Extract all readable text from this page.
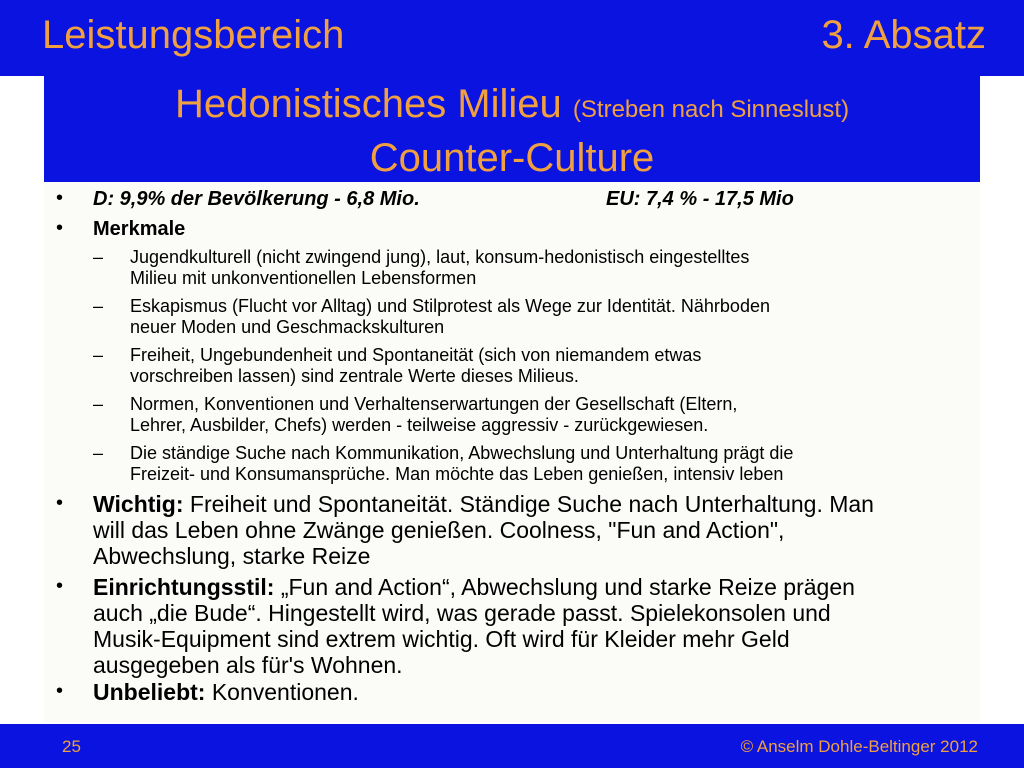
Leistungsbereich	3. Absatz
Hedonistisches Milieu (Streben nach Sinneslust)
Counter-Culture
• D: 9,9% der Bevölkerung - 6,8 Mio.	EU: 7,4 % - 17,5 Mio
• Merkmale
– Jugendkulturell (nicht zwingend jung), laut, konsum-hedonistisch eingestelltes
Milieu mit unkonventionellen Lebensformen
– Eskapismus (Flucht vor Alltag) und Stilprotest als Wege zur Identität. Nährboden
neuer Moden und Geschmackskulturen
– Freiheit, Ungebundenheit und Spontaneität (sich von niemandem etwas
vorschreiben lassen) sind zentrale Werte dieses Milieus.
– Normen, Konventionen und Verhaltenserwartungen der Gesellschaft (Eltern,
Lehrer, Ausbilder, Chefs) werden - teilweise aggressiv - zurückgewiesen.
– Die ständige Suche nach Kommunikation, Abwechslung und Unterhaltung prägt die
Freizeit- und Konsumansprüche. Man möchte das Leben genießen, intensiv leben
• Wichtig: Freiheit und Spontaneität. Ständige Suche nach Unterhaltung. Man
will das Leben ohne Zwänge genießen. Coolness, "Fun and Action",
Abwechslung, starke Reize
• Einrichtungsstil: „Fun and Action“, Abwechslung und starke Reize prägen
auch „die Bude“. Hingestellt wird, was gerade passt. Spielekonsolen und
Musik-Equipment sind extrem wichtig. Oft wird für Kleider mehr Geld
ausgegeben als für's Wohnen.
• Unbeliebt: Konventionen.
25	© Anselm Dohle-Beltinger 2012
